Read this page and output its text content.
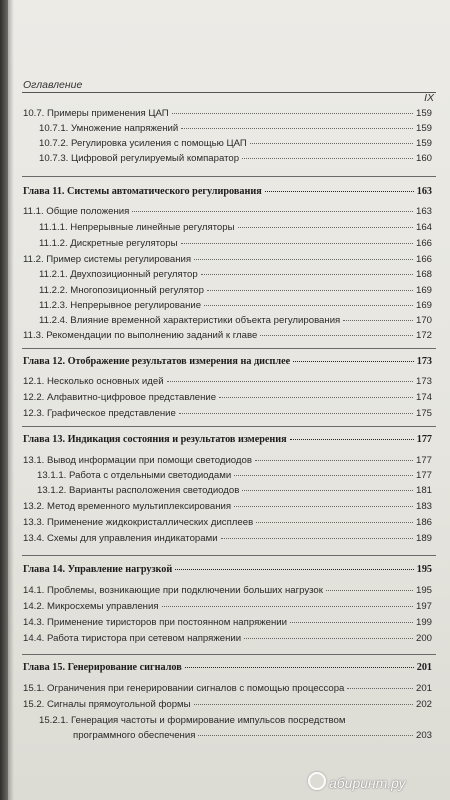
Оглавление
IX
10.7. Примеры применения ЦАП	159
10.7.1. Умножение напряжений	159
10.7.2. Регулировка усиления с помощью ЦАП	159
10.7.3. Цифровой регулируемый компаратор	160
Глава 11. Системы автоматического регулирования	163
11.1. Общие положения	163
11.1.1. Непрерывные линейные регуляторы	164
11.1.2. Дискретные регуляторы	166
11.2. Пример системы регулирования	166
11.2.1. Двухпозиционный регулятор	168
11.2.2. Многопозиционный регулятор	169
11.2.3. Непрерывное регулирование	169
11.2.4. Влияние временной характеристики объекта регулирования	170
11.3. Рекомендации по выполнению заданий к главе	172
Глава 12. Отображение результатов измерения на дисплее	173
12.1. Несколько основных идей	173
12.2. Алфавитно-цифровое представление	174
12.3. Графическое представление	175
Глава 13. Индикация состояния и результатов измерения	177
13.1. Вывод информации при помощи светодиодов	177
13.1.1. Работа с отдельными светодиодами	177
13.1.2. Варианты расположения светодиодов	181
13.2. Метод временного мультиплексирования	183
13.3. Применение жидкокристаллических дисплеев	186
13.4. Схемы для управления индикаторами	189
Глава 14. Управление нагрузкой	195
14.1. Проблемы, возникающие при подключении больших нагрузок	195
14.2. Микросхемы управления	197
14.3. Применение тиристоров при постоянном напряжении	199
14.4. Работа тиристора при сетевом напряжении	200
Глава 15. Генерирование сигналов	201
15.1. Ограничения при генерировании сигналов с помощью процессора	201
15.2. Сигналы прямоугольной формы	202
15.2.1. Генерация частоты и формирование импульсов посредством
программного обеспечения	203
абиринт.ру
